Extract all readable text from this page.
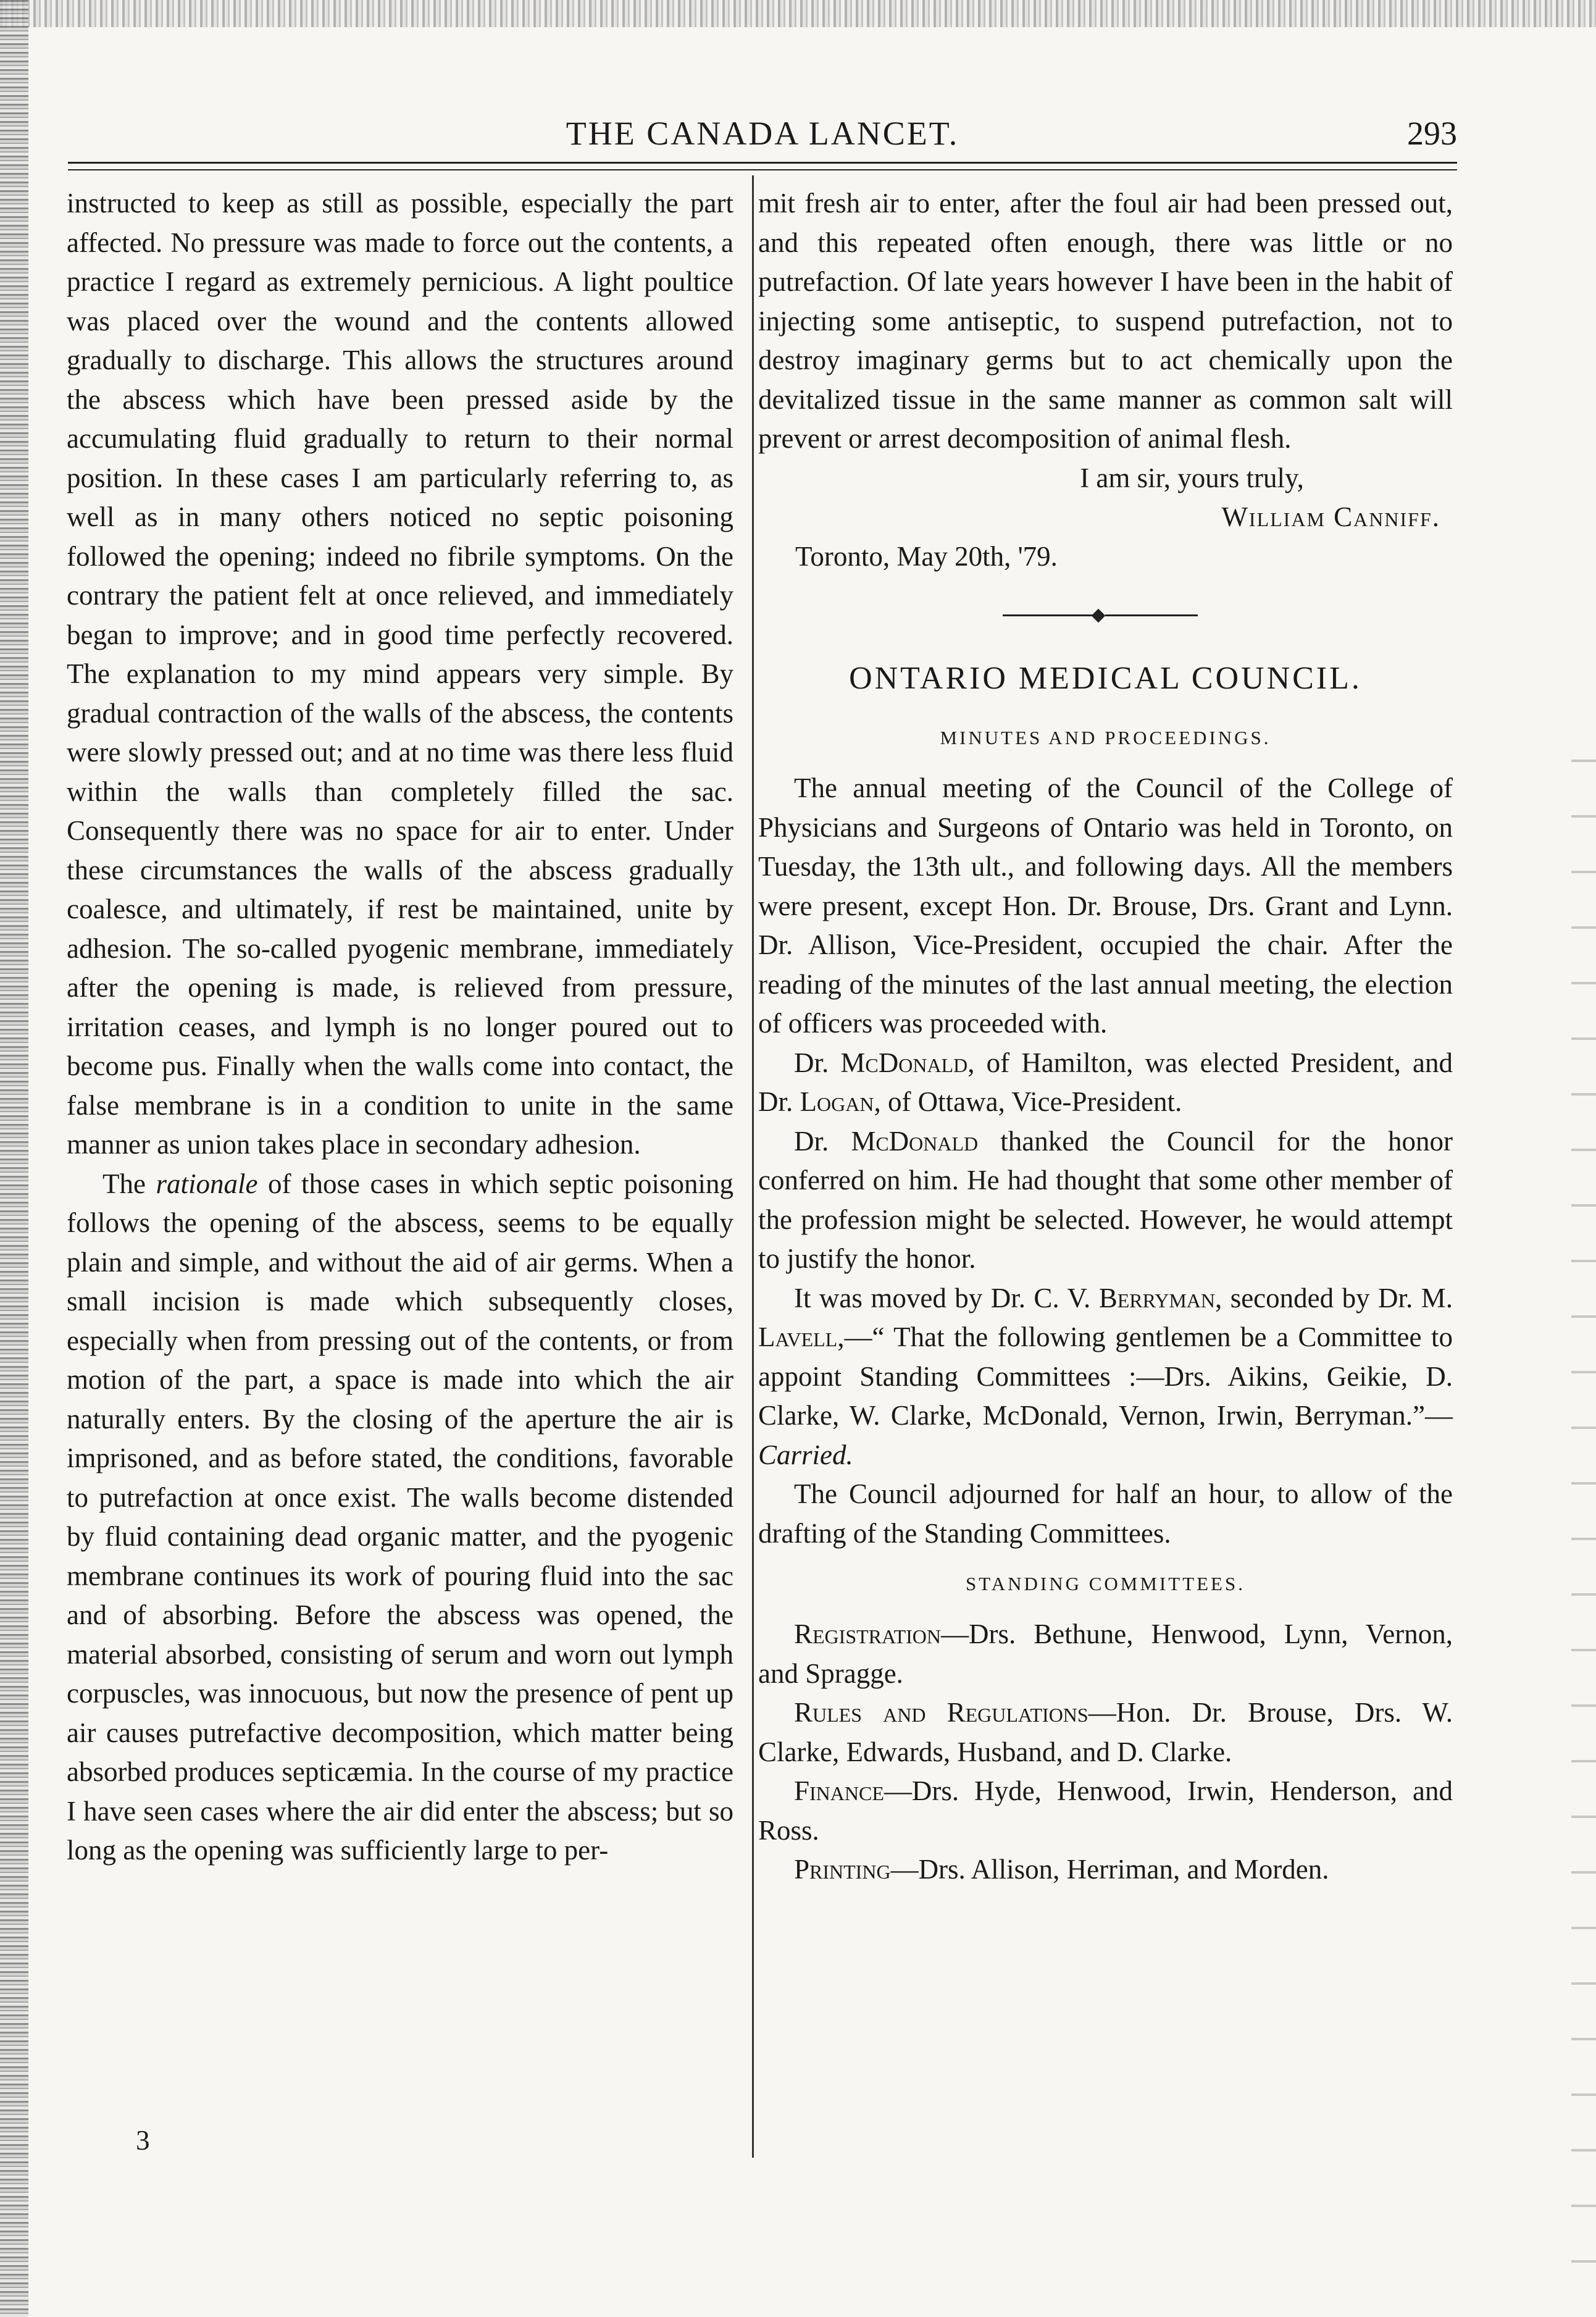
THE CANADA LANCET.	293

instructed to keep as still as possible, especially the part affected. No pressure was made to force out the contents, a practice I regard as extremely pernicious. A light poultice was placed over the wound and the contents allowed gradually to discharge. This allows the structures around the abscess which have been pressed aside by the accumulating fluid gradually to return to their normal position. In these cases I am particularly referring to, as well as in many others noticed no septic poisoning followed the opening; indeed no fibrile symptoms. On the contrary the patient felt at once relieved, and immediately began to improve; and in good time perfectly recovered. The explanation to my mind appears very simple. By gradual contraction of the walls of the abscess, the contents were slowly pressed out; and at no time was there less fluid within the walls than completely filled the sac. Consequently there was no space for air to enter. Under these circumstances the walls of the abscess gradually coalesce, and ultimately, if rest be maintained, unite by adhesion. The so-called pyogenic membrane, immediately after the opening is made, is relieved from pressure, irritation ceases, and lymph is no longer poured out to become pus. Finally when the walls come into contact, the false membrane is in a condition to unite in the same manner as union takes place in secondary adhesion.

The rationale of those cases in which septic poisoning follows the opening of the abscess, seems to be equally plain and simple, and without the aid of air germs. When a small incision is made which subsequently closes, especially when from pressing out of the contents, or from motion of the part, a space is made into which the air naturally enters. By the closing of the aperture the air is imprisoned, and as before stated, the conditions, favorable to putrefaction at once exist. The walls become distended by fluid containing dead organic matter, and the pyogenic membrane continues its work of pouring fluid into the sac and of absorbing. Before the abscess was opened, the material absorbed, consisting of serum and worn out lymph corpuscles, was innocuous, but now the presence of pent up air causes putrefactive decomposition, which matter being absorbed produces septicæmia. In the course of my practice I have seen cases where the air did enter the abscess; but so long as the opening was sufficiently large to per-

3

mit fresh air to enter, after the foul air had been pressed out, and this repeated often enough, there was little or no putrefaction. Of late years however I have been in the habit of injecting some antiseptic, to suspend putrefaction, not to destroy imaginary germs but to act chemically upon the devitalized tissue in the same manner as common salt will prevent or arrest decomposition of animal flesh.

I am sir, yours truly,

William Canniff.

Toronto, May 20th, '79.

ONTARIO MEDICAL COUNCIL.
MINUTES AND PROCEEDINGS.

The annual meeting of the Council of the College of Physicians and Surgeons of Ontario was held in Toronto, on Tuesday, the 13th ult., and following days. All the members were present, except Hon. Dr. Brouse, Drs. Grant and Lynn. Dr. Allison, Vice-President, occupied the chair. After the reading of the minutes of the last annual meeting, the election of officers was proceeded with.

Dr. McDonald, of Hamilton, was elected President, and Dr. Logan, of Ottawa, Vice-President.

Dr. McDonald thanked the Council for the honor conferred on him. He had thought that some other member of the profession might be selected. However, he would attempt to justify the honor.

It was moved by Dr. C. V. Berryman, seconded by Dr. M. Lavell,—“ That the following gentlemen be a Committee to appoint Standing Committees :—Drs. Aikins, Geikie, D. Clarke, W. Clarke, McDonald, Vernon, Irwin, Berryman.”—Carried.

The Council adjourned for half an hour, to allow of the drafting of the Standing Committees.

STANDING COMMITTEES.

Registration—Drs. Bethune, Henwood, Lynn, Vernon, and Spragge.

Rules and Regulations—Hon. Dr. Brouse, Drs. W. Clarke, Edwards, Husband, and D. Clarke.

Finance—Drs. Hyde, Henwood, Irwin, Henderson, and Ross.

Printing—Drs. Allison, Herriman, and Morden.
